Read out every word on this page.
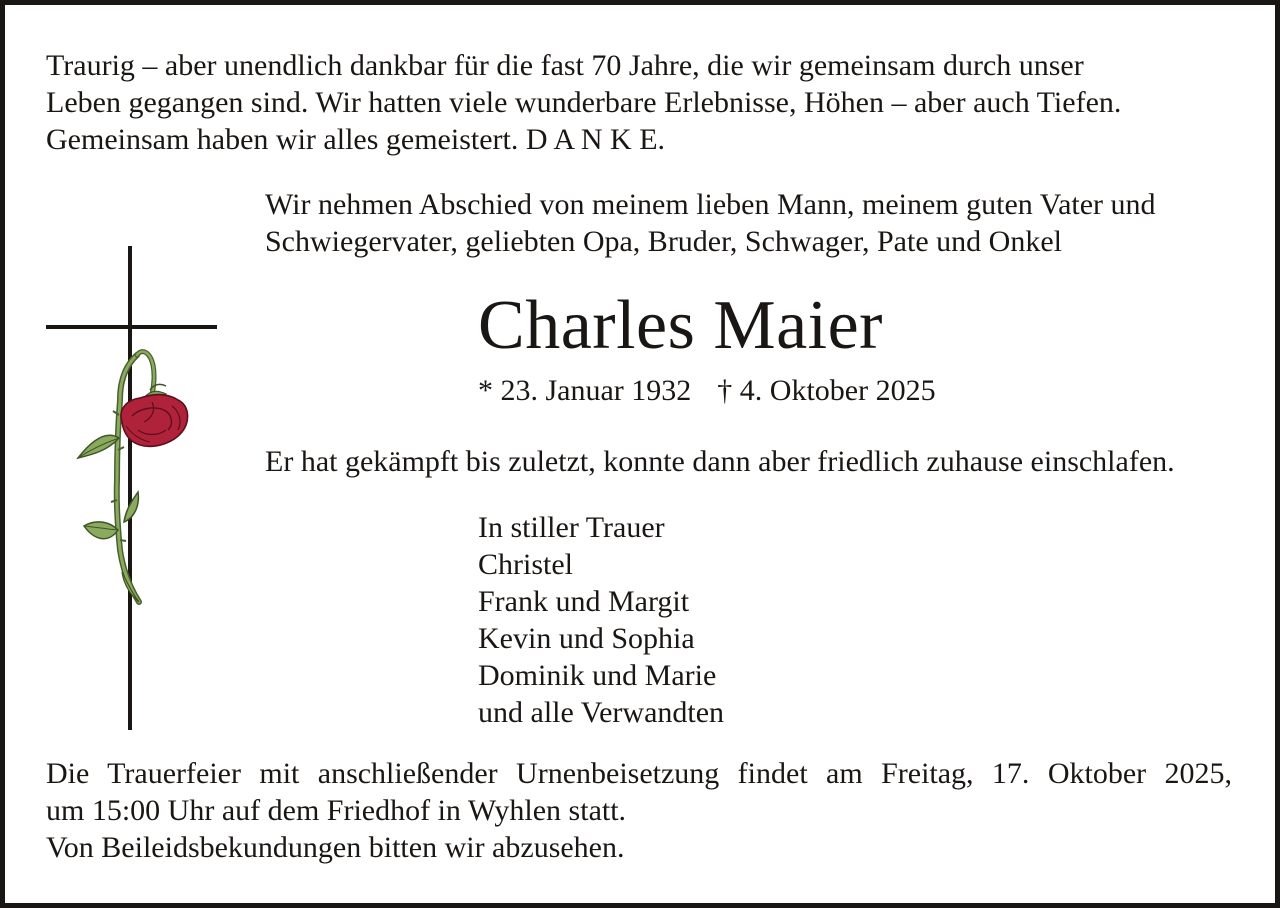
Traurig – aber unendlich dankbar für die fast 70 Jahre, die wir gemeinsam durch unser
Leben gegangen sind. Wir hatten viele wunderbare Erlebnisse, Höhen – aber auch Tiefen.
Gemeinsam haben wir alles gemeistert. D A N K E.
Wir nehmen Abschied von meinem lieben Mann, meinem guten Vater und
Schwiegervater, geliebten Opa, Bruder, Schwager, Pate und Onkel
Charles Maier
* 23. Januar 1932 † 4. Oktober 2025
Er hat gekämpft bis zuletzt, konnte dann aber friedlich zuhause einschlafen.
In stiller Trauer
Christel
Frank und Margit
Kevin und Sophia
Dominik und Marie
und alle Verwandten
Die Trauerfeier mit anschließender Urnenbeisetzung findet am Freitag, 17. Oktober 2025,
um 15:00 Uhr auf dem Friedhof in Wyhlen statt.
Von Beileidsbekundungen bitten wir abzusehen.
